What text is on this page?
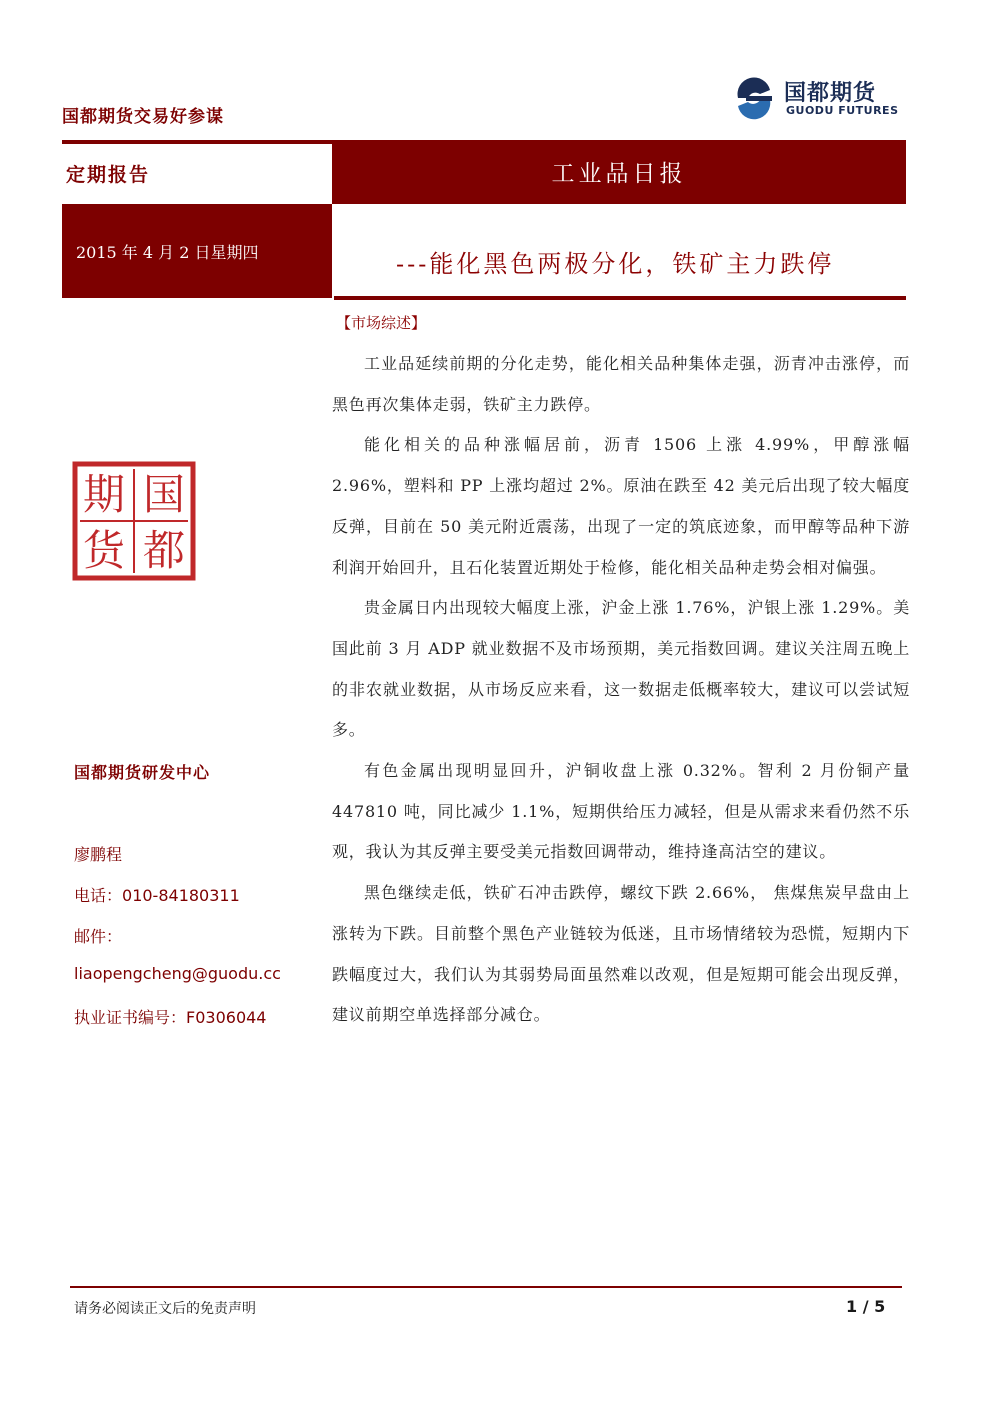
国都期货交易好参谋
国都期货
GUODU FUTURES
定期报告	工业品日报
2015 年 4 月 2 日星期四	---能化黑色两极分化，铁矿主力跌停
【市场综述】

工业品延续前期的分化走势，能化相关品种集体走强，沥青冲击涨停，而黑色再次集体走弱，铁矿主力跌停。

能化相关的品种涨幅居前，沥青 1506 上涨 4.99%，甲醇涨幅 2.96%，塑料和 PP 上涨均超过 2%。原油在跌至 42 美元后出现了较大幅度反弹，目前在 50 美元附近震荡，出现了一定的筑底迹象，而甲醇等品种下游利润开始回升，且石化装置近期处于检修，能化相关品种走势会相对偏强。

贵金属日内出现较大幅度上涨，沪金上涨 1.76%，沪银上涨 1.29%。美国此前 3 月 ADP 就业数据不及市场预期，美元指数回调。建议关注周五晚上的非农就业数据，从市场反应来看，这一数据走低概率较大，建议可以尝试短多。

有色金属出现明显回升，沪铜收盘上涨 0.32%。智利 2 月份铜产量 447810 吨，同比减少 1.1%，短期供给压力减轻，但是从需求来看仍然不乐观，我认为其反弹主要受美元指数回调带动，维持逢高沽空的建议。

黑色继续走低，铁矿石冲击跌停，螺纹下跌 2.66%， 焦煤焦炭早盘由上涨转为下跌。目前整个黑色产业链较为低迷，且市场情绪较为恐慌，短期内下跌幅度过大，我们认为其弱势局面虽然难以改观，但是短期可能会出现反弹，建议前期空单选择部分减仓。

国
都
期
货
国都期货研发中心
廖鹏程
电话：010-84180311
邮件：
liaopengcheng@guodu.cc
执业证书编号：F0306044
请务必阅读正文后的免责声明	1 / 5
